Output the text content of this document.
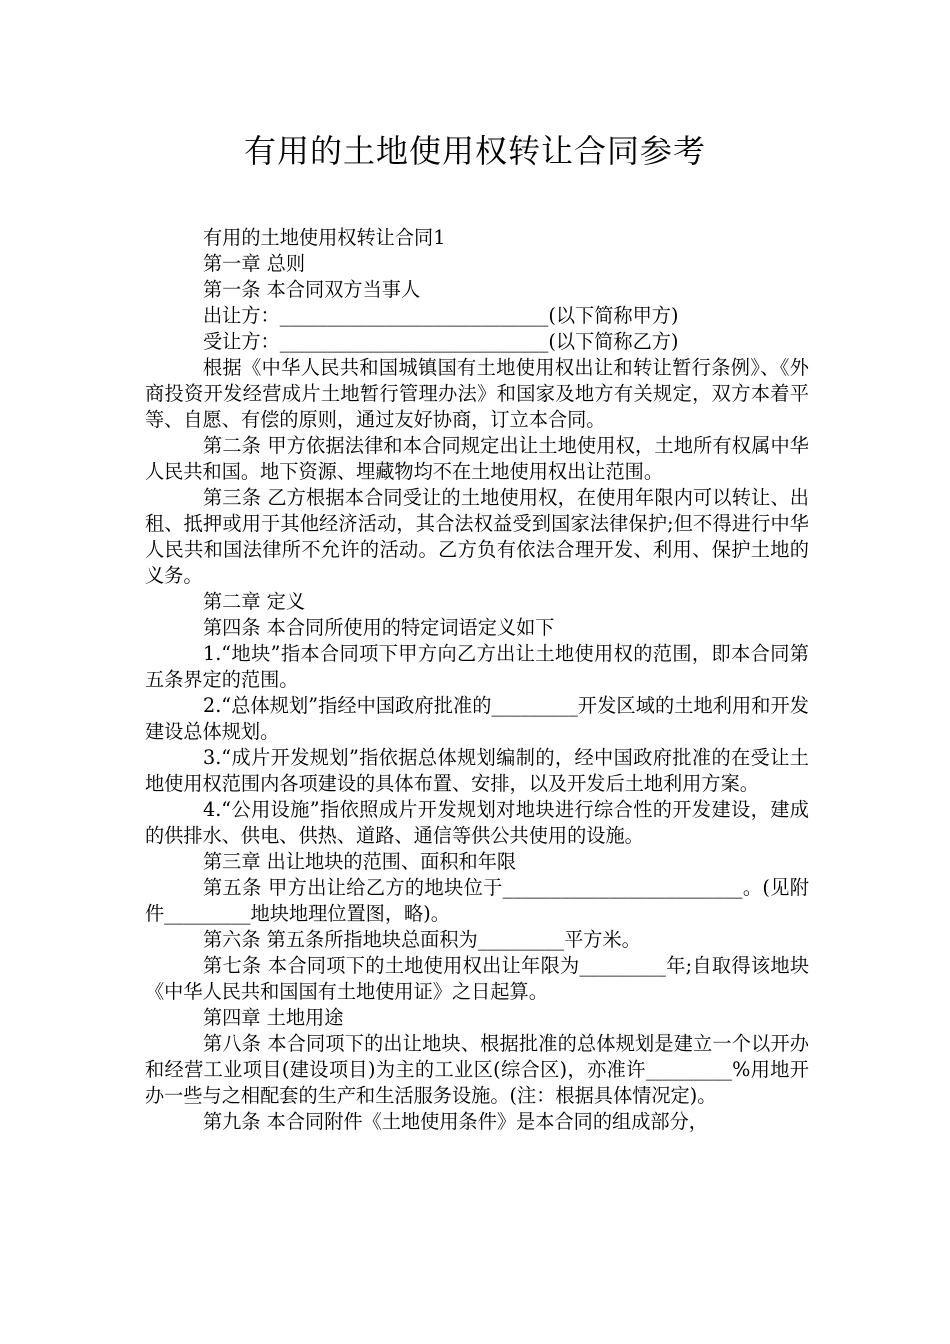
有用的土地使用权转让合同参考

有用的土地使用权转让合同1

第一章 总则

第一条 本合同双方当事人

出让方：____________________________(以下简称甲方)

受让方：____________________________(以下简称乙方)

根据《中华人民共和国城镇国有土地使用权出让和转让暂行条例》、《外商投资开发经营成片土地暂行管理办法》和国家及地方有关规定，双方本着平等、自愿、有偿的原则，通过友好协商，订立本合同。

第二条 甲方依据法律和本合同规定出让土地使用权，土地所有权属中华人民共和国。地下资源、埋藏物均不在土地使用权出让范围。

第三条 乙方根据本合同受让的土地使用权，在使用年限内可以转让、出租、抵押或用于其他经济活动，其合法权益受到国家法律保护;但不得进行中华人民共和国法律所不允许的活动。乙方负有依法合理开发、利用、保护土地的义务。

第二章 定义

第四条 本合同所使用的特定词语定义如下

1.“地块”指本合同项下甲方向乙方出让土地使用权的范围，即本合同第五条界定的范围。

2.“总体规划”指经中国政府批准的_________开发区域的土地利用和开发建设总体规划。

3.“成片开发规划”指依据总体规划编制的，经中国政府批准的在受让土地使用权范围内各项建设的具体布置、安排，以及开发后土地利用方案。

4.“公用设施”指依照成片开发规划对地块进行综合性的开发建设，建成的供排水、供电、供热、道路、通信等供公共使用的设施。

第三章 出让地块的范围、面积和年限

第五条 甲方出让给乙方的地块位于_________________________。(见附件_________地块地理位置图，略)。

第六条 第五条所指地块总面积为_________平方米。

第七条 本合同项下的土地使用权出让年限为_________年;自取得该地块《中华人民共和国国有土地使用证》之日起算。

第四章 土地用途

第八条 本合同项下的出让地块、根据批准的总体规划是建立一个以开办和经营工业项目(建设项目)为主的工业区(综合区)，亦准许_________%用地开办一些与之相配套的生产和生活服务设施。(注：根据具体情况定)。

第九条 本合同附件《土地使用条件》是本合同的组成部分，
